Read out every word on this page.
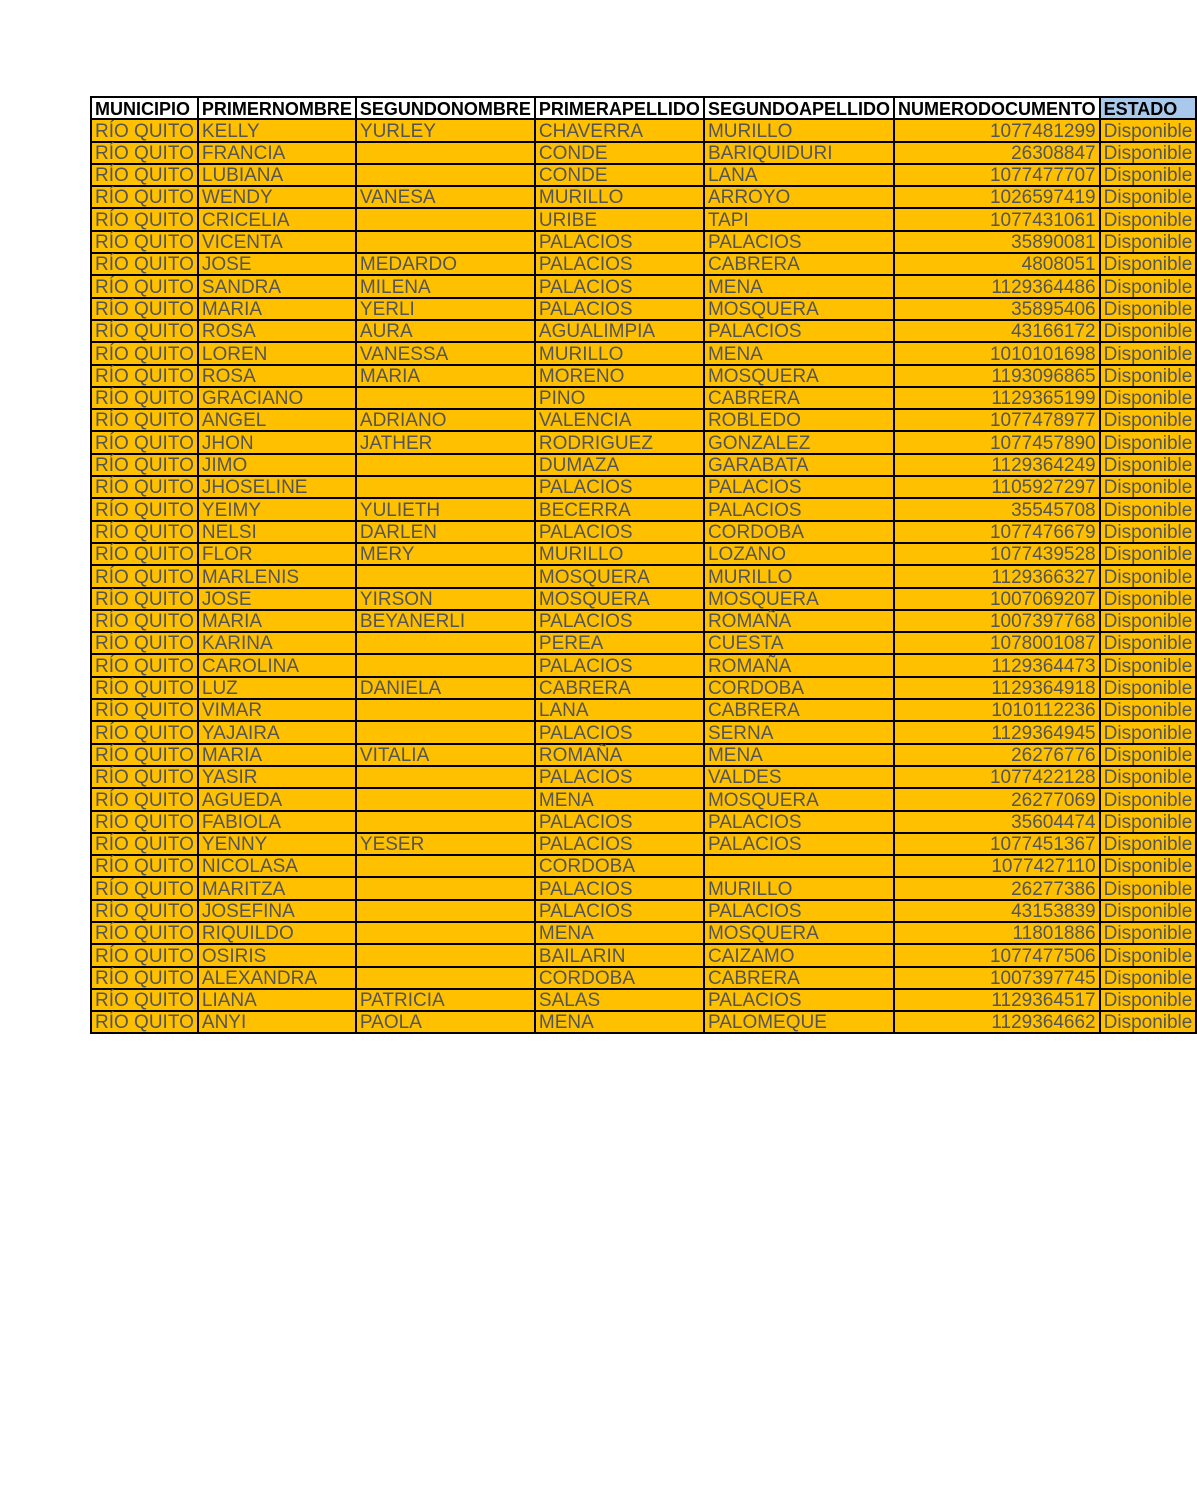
MUNICIPIO	PRIMERNOMBRE	SEGUNDONOMBRE	PRIMERAPELLIDO	SEGUNDOAPELLIDO	NUMERODOCUMENTO	ESTADO
RÍO QUITO	KELLY	YURLEY	CHAVERRA	MURILLO	1077481299	Disponible
RÍO QUITO	FRANCIA		CONDE	BARIQUIDURI	26308847	Disponible
RÍO QUITO	LUBIANA		CONDE	LANA	1077477707	Disponible
RÍO QUITO	WENDY	VANESA	MURILLO	ARROYO	1026597419	Disponible
RÍO QUITO	CRICELIA		URIBE	TAPI	1077431061	Disponible
RÍO QUITO	VICENTA		PALACIOS	PALACIOS	35890081	Disponible
RÍO QUITO	JOSE	MEDARDO	PALACIOS	CABRERA	4808051	Disponible
RÍO QUITO	SANDRA	MILENA	PALACIOS	MENA	1129364486	Disponible
RÍO QUITO	MARIA	YERLI	PALACIOS	MOSQUERA	35895406	Disponible
RÍO QUITO	ROSA	AURA	AGUALIMPIA	PALACIOS	43166172	Disponible
RÍO QUITO	LOREN	VANESSA	MURILLO	MENA	1010101698	Disponible
RÍO QUITO	ROSA	MARIA	MORENO	MOSQUERA	1193096865	Disponible
RÍO QUITO	GRACIANO		PINO	CABRERA	1129365199	Disponible
RÍO QUITO	ANGEL	ADRIANO	VALENCIA	ROBLEDO	1077478977	Disponible
RÍO QUITO	JHON	JATHER	RODRIGUEZ	GONZALEZ	1077457890	Disponible
RÍO QUITO	JIMO		DUMAZA	GARABATA	1129364249	Disponible
RÍO QUITO	JHOSELINE		PALACIOS	PALACIOS	1105927297	Disponible
RÍO QUITO	YEIMY	YULIETH	BECERRA	PALACIOS	35545708	Disponible
RÍO QUITO	NELSI	DARLEN	PALACIOS	CORDOBA	1077476679	Disponible
RÍO QUITO	FLOR	MERY	MURILLO	LOZANO	1077439528	Disponible
RÍO QUITO	MARLENIS		MOSQUERA	MURILLO	1129366327	Disponible
RÍO QUITO	JOSE	YIRSON	MOSQUERA	MOSQUERA	1007069207	Disponible
RÍO QUITO	MARIA	BEYANERLI	PALACIOS	ROMAÑA	1007397768	Disponible
RÍO QUITO	KARINA		PEREA	CUESTA	1078001087	Disponible
RÍO QUITO	CAROLINA		PALACIOS	ROMAÑA	1129364473	Disponible
RÍO QUITO	LUZ	DANIELA	CABRERA	CORDOBA	1129364918	Disponible
RÍO QUITO	VIMAR		LANA	CABRERA	1010112236	Disponible
RÍO QUITO	YAJAIRA		PALACIOS	SERNA	1129364945	Disponible
RÍO QUITO	MARIA	VITALIA	ROMAÑA	MENA	26276776	Disponible
RÍO QUITO	YASIR		PALACIOS	VALDES	1077422128	Disponible
RÍO QUITO	AGUEDA		MENA	MOSQUERA	26277069	Disponible
RÍO QUITO	FABIOLA		PALACIOS	PALACIOS	35604474	Disponible
RÍO QUITO	YENNY	YESER	PALACIOS	PALACIOS	1077451367	Disponible
RÍO QUITO	NICOLASA		CORDOBA		1077427110	Disponible
RÍO QUITO	MARITZA		PALACIOS	MURILLO	26277386	Disponible
RÍO QUITO	JOSEFINA		PALACIOS	PALACIOS	43153839	Disponible
RÍO QUITO	RIQUILDO		MENA	MOSQUERA	11801886	Disponible
RÍO QUITO	OSIRIS		BAILARIN	CAIZAMO	1077477506	Disponible
RÍO QUITO	ALEXANDRA		CORDOBA	CABRERA	1007397745	Disponible
RÍO QUITO	LIANA	PATRICIA	SALAS	PALACIOS	1129364517	Disponible
RÍO QUITO	ANYI	PAOLA	MENA	PALOMEQUE	1129364662	Disponible
